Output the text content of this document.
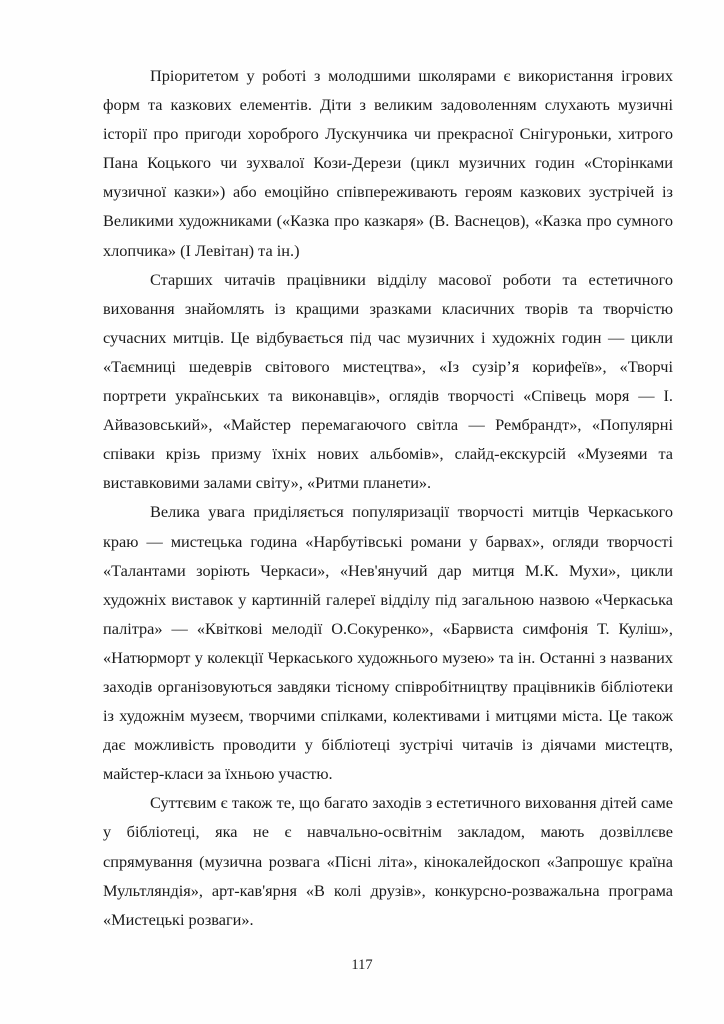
Пріоритетом у роботі з молодшими школярами є використання ігрових форм та казкових елементів. Діти з великим задоволенням слухають музичні історії про пригоди хороброго Лускунчика чи прекрасної Снігуроньки, хитрого Пана Коцького чи зухвалої Кози-Дерези (цикл музичних годин «Сторінками музичної казки») або емоційно співпереживають героям казкових зустрічей із Великими художниками («Казка про казкаря» (В. Васнецов), «Казка про сумного хлопчика» (І Левітан) та ін.)

Старших читачів працівники відділу масової роботи та естетичного виховання знайомлять із кращими зразками класичних творів та творчістю сучасних митців. Це відбувається під час музичних і художніх годин — цикли «Таємниці шедеврів світового мистецтва», «Із сузір’я корифеїв», «Творчі портрети українських та виконавців», оглядів творчості «Співець моря — І. Айвазовський», «Майстер перемагаючого світла — Рембрандт», «Популярні співаки крізь призму їхніх нових альбомів», слайд-екскурсій «Музеями та виставковими залами світу», «Ритми планети».

Велика увага приділяється популяризації творчості митців Черкаського краю — мистецька година «Нарбутівські романи у барвах», огляди творчості «Талантами зоріють Черкаси», «Нев'янучий дар митця М.К. Мухи», цикли художніх виставок у картинній галереї відділу під загальною назвою «Черкаська палітра» — «Квіткові мелодії О.Сокуренко», «Барвиста симфонія Т. Куліш», «Натюрморт у колекції Черкаського художнього музею» та ін. Останні з названих заходів організовуються завдяки тісному співробітництву працівників бібліотеки із художнім музеєм, творчими спілками, колективами і митцями міста. Це також дає можливість проводити у бібліотеці зустрічі читачів із діячами мистецтв, майстер-класи за їхньою участю.

Суттєвим є також те, що багато заходів з естетичного виховання дітей саме у бібліотеці, яка не є навчально-освітнім закладом, мають дозвіллєве спрямування (музична розвага «Пісні літа», кінокалейдоскоп «Запрошує країна Мультляндія», арт-кав'ярня «В колі друзів», конкурсно-розважальна програма «Мистецькі розваги».

117
